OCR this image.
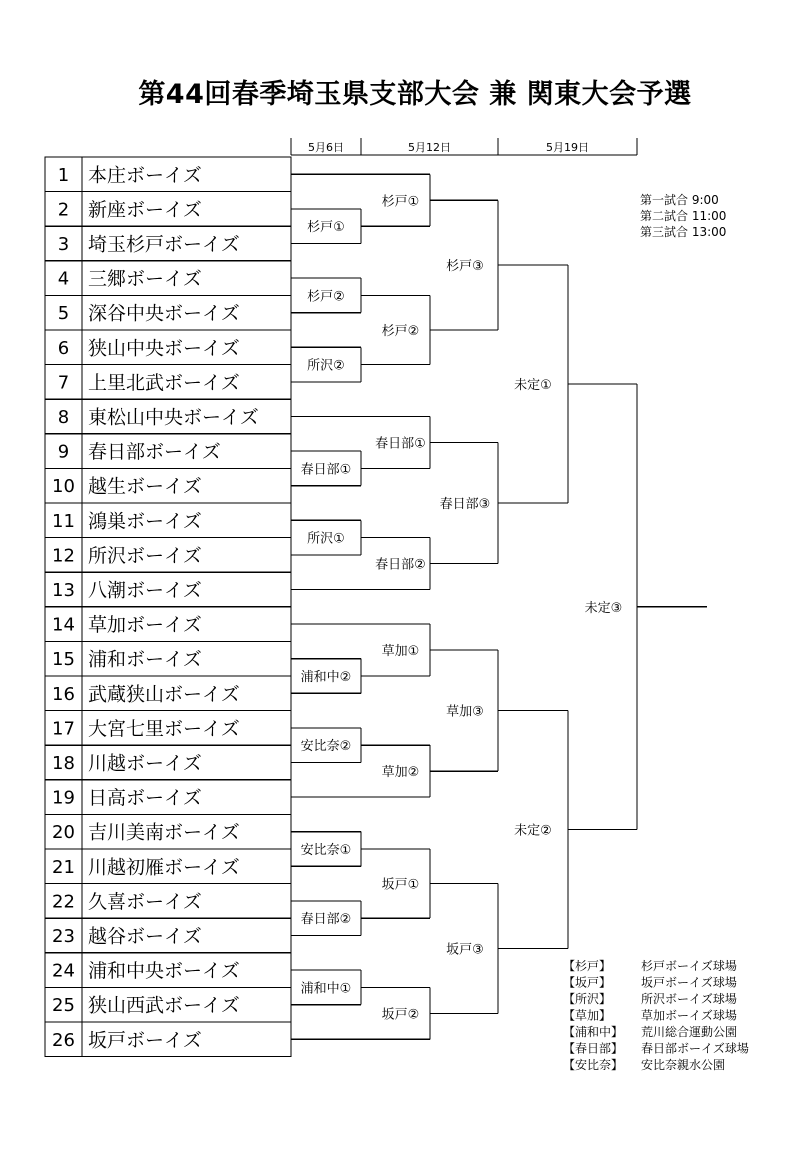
第44回春季埼玉県支部大会 兼 関東大会予選
5月6日	5月12日	5月19日
1 本庄ボーイズ
2 新座ボーイズ
3 埼玉杉戸ボーイズ
4 三郷ボーイズ
5 深谷中央ボーイズ
6 狭山中央ボーイズ
7 上里北武ボーイズ
8 東松山中央ボーイズ
9 春日部ボーイズ
10 越生ボーイズ
11 鴻巣ボーイズ
12 所沢ボーイズ
13 八潮ボーイズ
14 草加ボーイズ
15 浦和ボーイズ
16 武蔵狭山ボーイズ
17 大宮七里ボーイズ
18 川越ボーイズ
19 日高ボーイズ
20 吉川美南ボーイズ
21 川越初雁ボーイズ
22 久喜ボーイズ
23 越谷ボーイズ
24 浦和中央ボーイズ
25 狭山西武ボーイズ
26 坂戸ボーイズ
杉戸①
杉戸②
所沢②
春日部①
所沢①
浦和中②
安比奈②
安比奈①
春日部②
浦和中①
杉戸①
杉戸②
春日部①
春日部②
草加①
草加②
坂戸①
坂戸②
杉戸③
春日部③
草加③
坂戸③
未定①
未定②
未定③
第一試合 9:00
第二試合 11:00
第三試合 13:00
【杉戸】 杉戸ボーイズ球場
【坂戸】 坂戸ボーイズ球場
【所沢】 所沢ボーイズ球場
【草加】 草加ボーイズ球場
【浦和中】 荒川総合運動公園
【春日部】 春日部ボーイズ球場
【安比奈】 安比奈親水公園
